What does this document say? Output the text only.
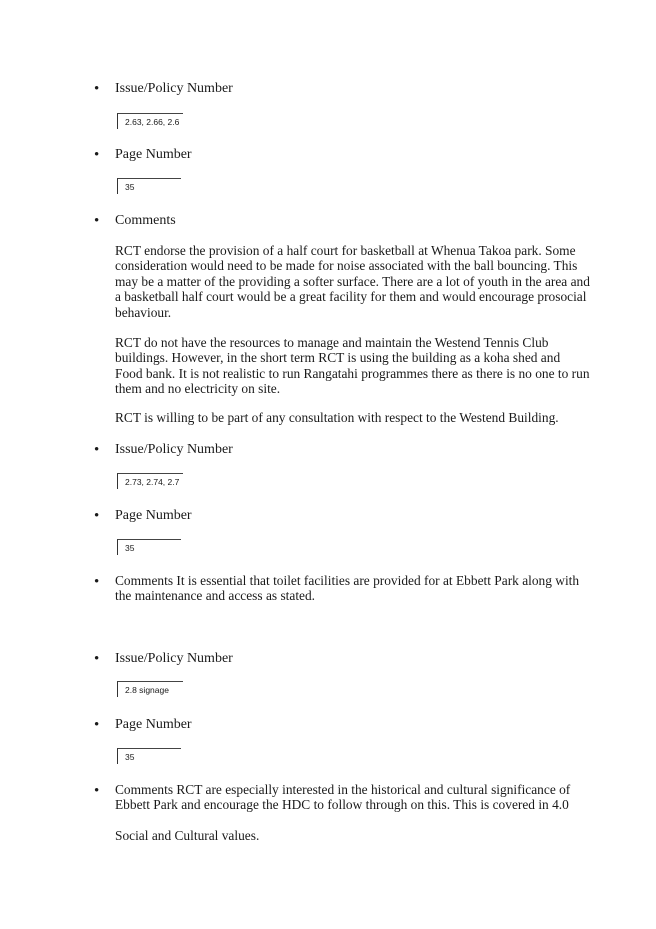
• Issue/Policy Number
2.63, 2.66, 2.6
• Page Number
35
• Comments

RCT endorse the provision of a half court for basketball at Whenua Takoa park. Some consideration would need to be made for noise associated with the ball bouncing. This may be a matter of the providing a softer surface. There are a lot of youth in the area and a basketball half court would be a great facility for them and would encourage prosocial behaviour.

RCT do not have the resources to manage and maintain the Westend Tennis Club buildings. However, in the short term RCT is using the building as a koha shed and Food bank. It is not realistic to run Rangatahi programmes there as there is no one to run them and no electricity on site.

RCT is willing to be part of any consultation with respect to the Westend Building.

• Issue/Policy Number
2.73, 2.74, 2.7
• Page Number
35
• Comments It is essential that toilet facilities are provided for at Ebbett Park along with the maintenance and access as stated.

• Issue/Policy Number
2.8 signage
• Page Number
35
• Comments RCT are especially interested in the historical and cultural significance of Ebbett Park and encourage the HDC to follow through on this. This is covered in 4.0

Social and Cultural values.
